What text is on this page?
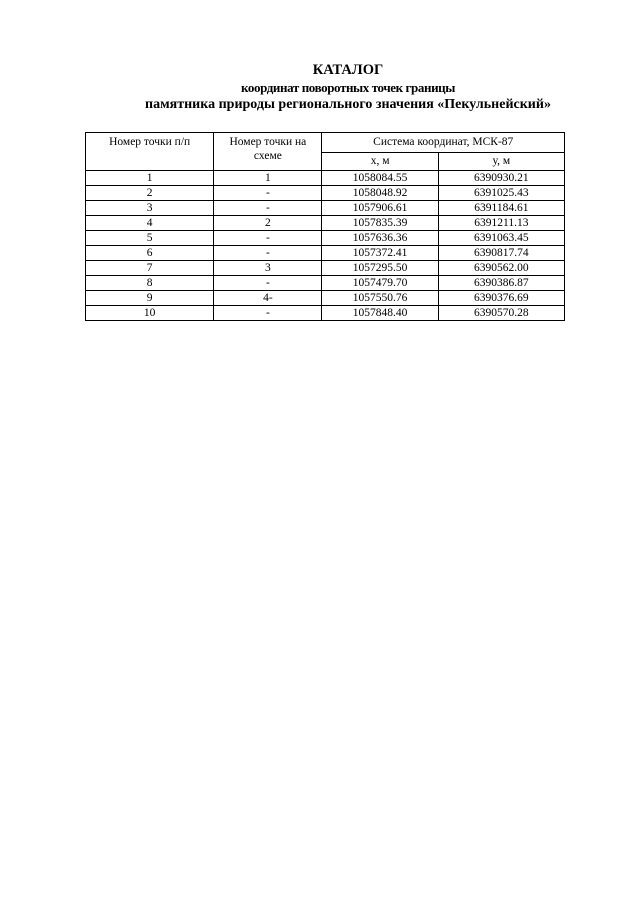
КАТАЛОГ
координат поворотных точек границы
памятника природы регионального значения «Пекульнейский»
Номер точки п/п	Номер точки на схеме	Система координат, МСК-87	
		x, м	у, м
1	1	1058084.55	6390930.21
2	-	1058048.92	6391025.43
3	-	1057906.61	6391184.61
4	2	1057835.39	6391211.13
5	-	1057636.36	6391063.45
6	-	1057372.41	6390817.74
7	3	1057295.50	6390562.00
8	-	1057479.70	6390386.87
9	4-	1057550.76	6390376.69
10	-	1057848.40	6390570.28
